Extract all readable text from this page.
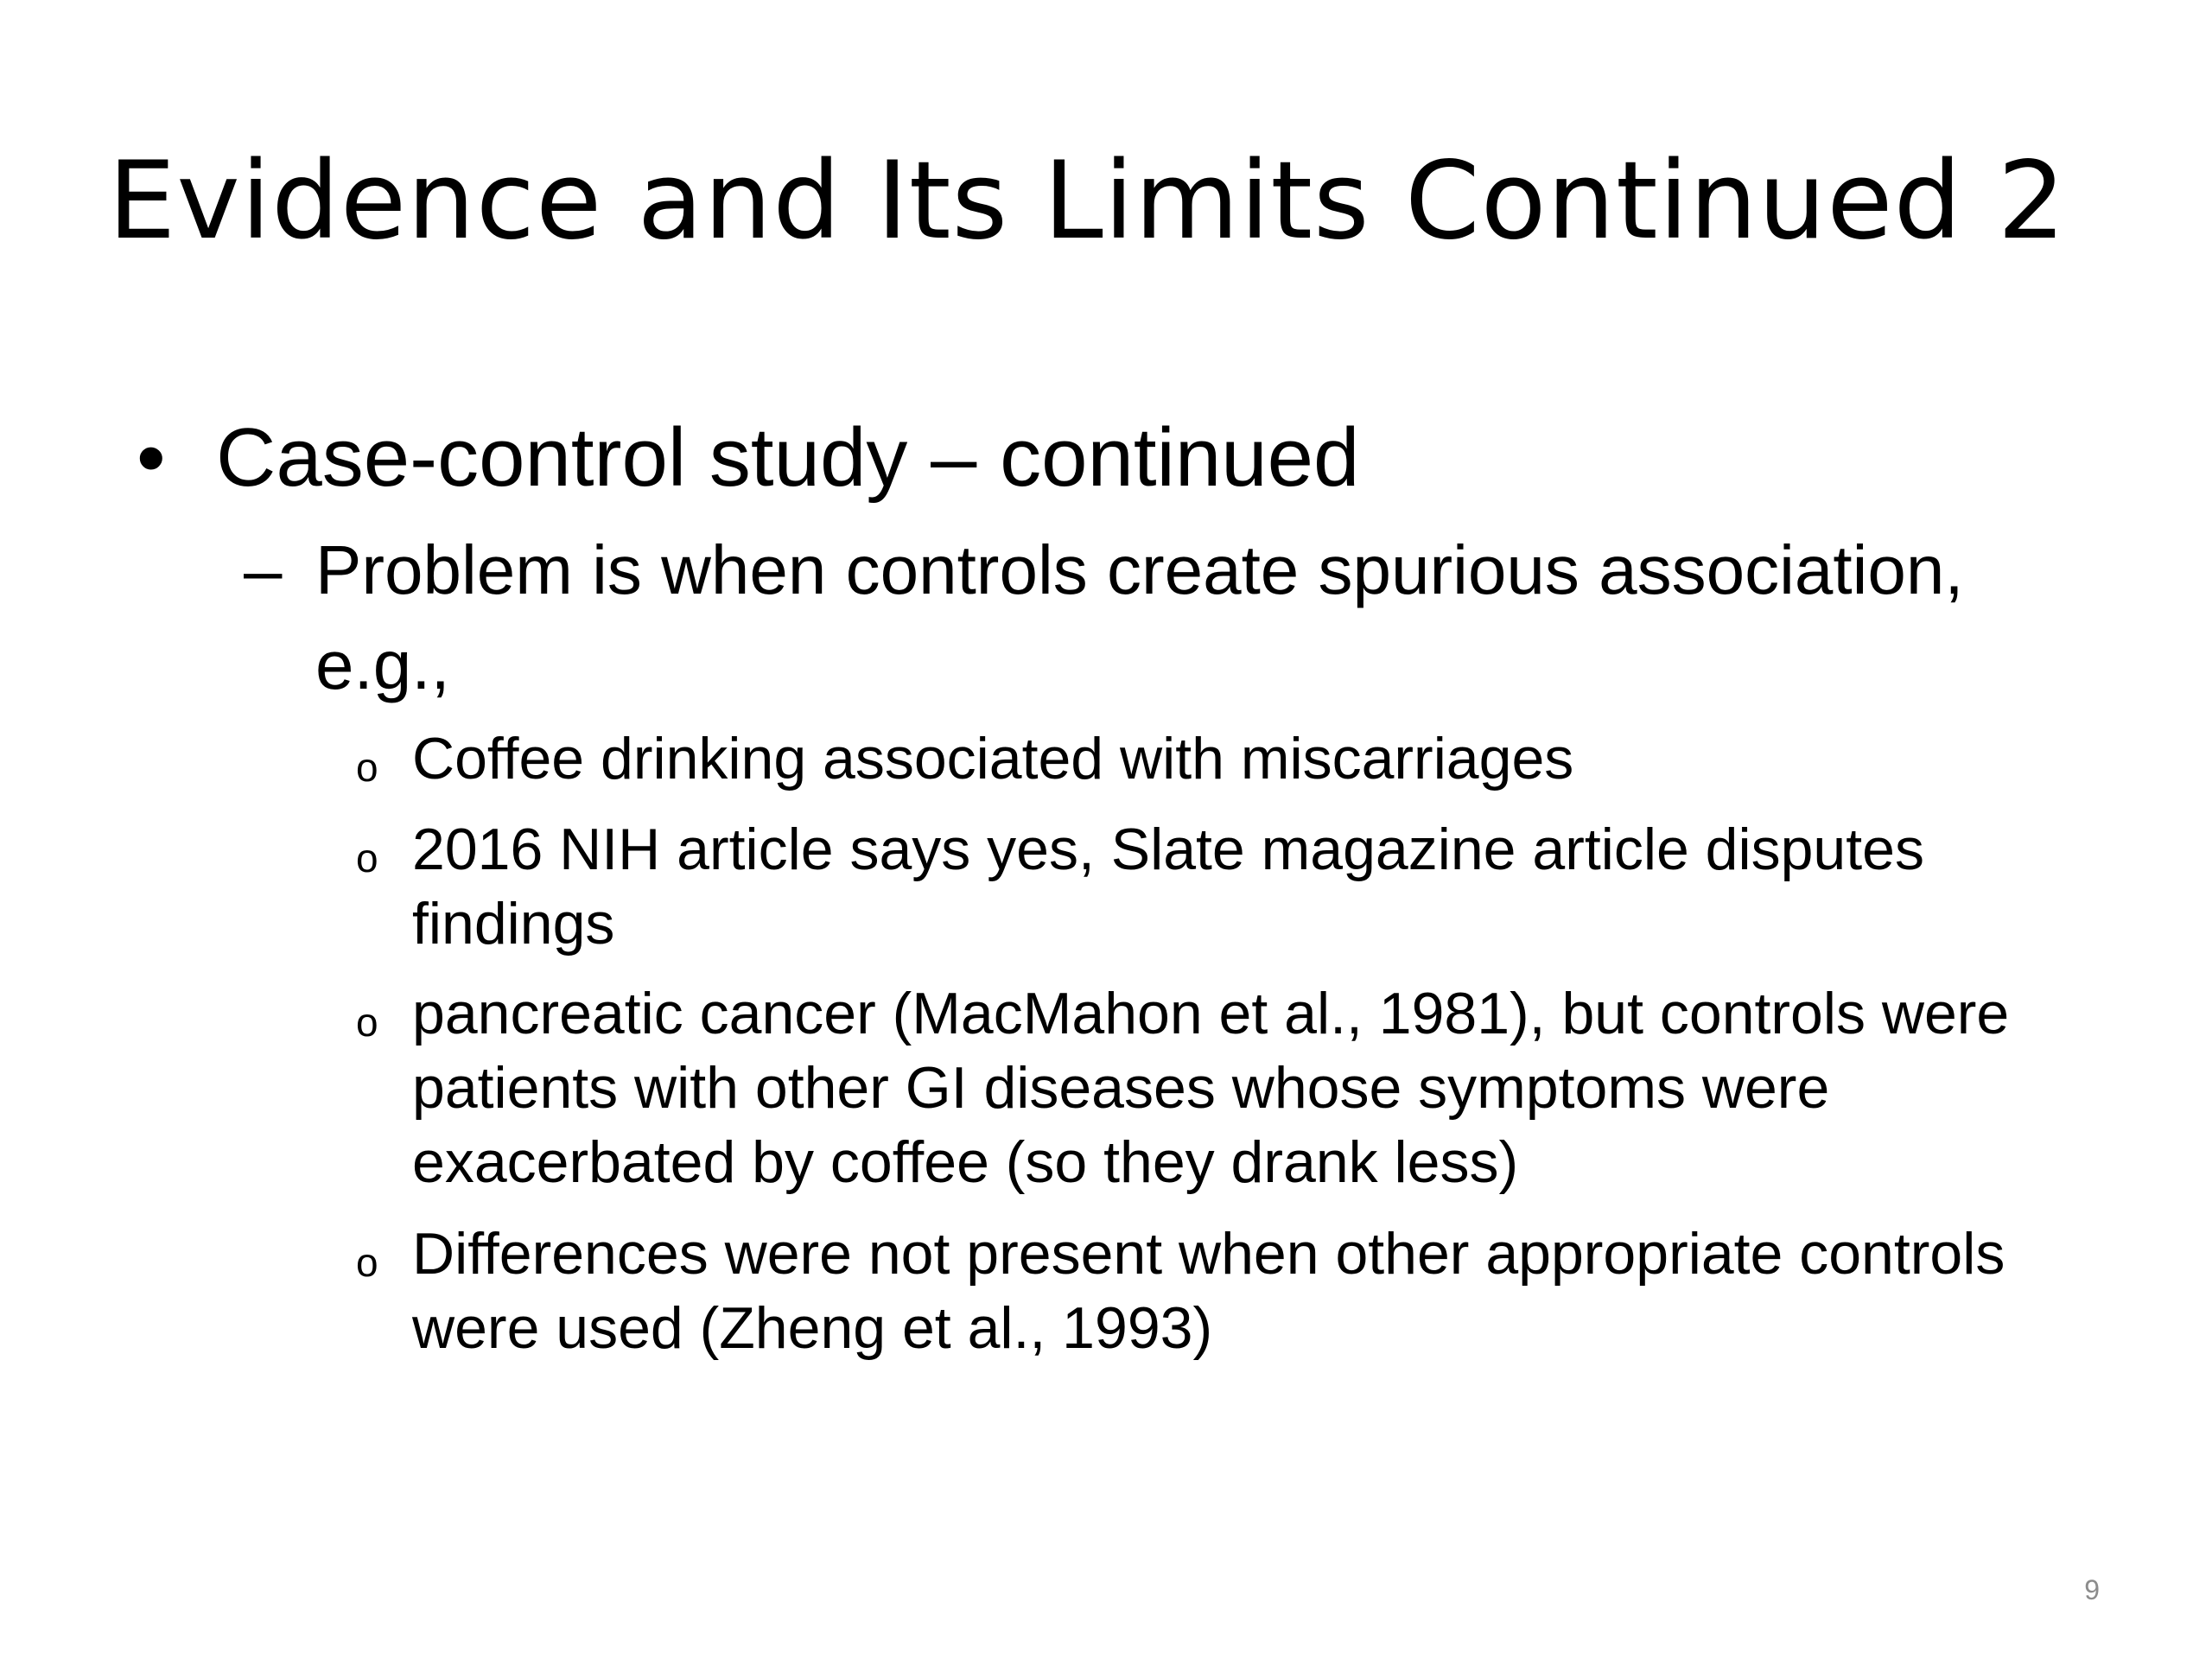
Evidence and Its Limits Continued 2
• Case-control study – continued

– Problem is when controls create spurious association, e.g.,

o Coffee drinking associated with miscarriages

o 2016 NIH article says yes, Slate magazine article disputes findings

o pancreatic cancer (MacMahon et al., 1981), but controls were patients with other GI diseases whose symptoms were exacerbated by coffee (so they drank less)

o Differences were not present when other appropriate controls were used (Zheng et al., 1993)

9
